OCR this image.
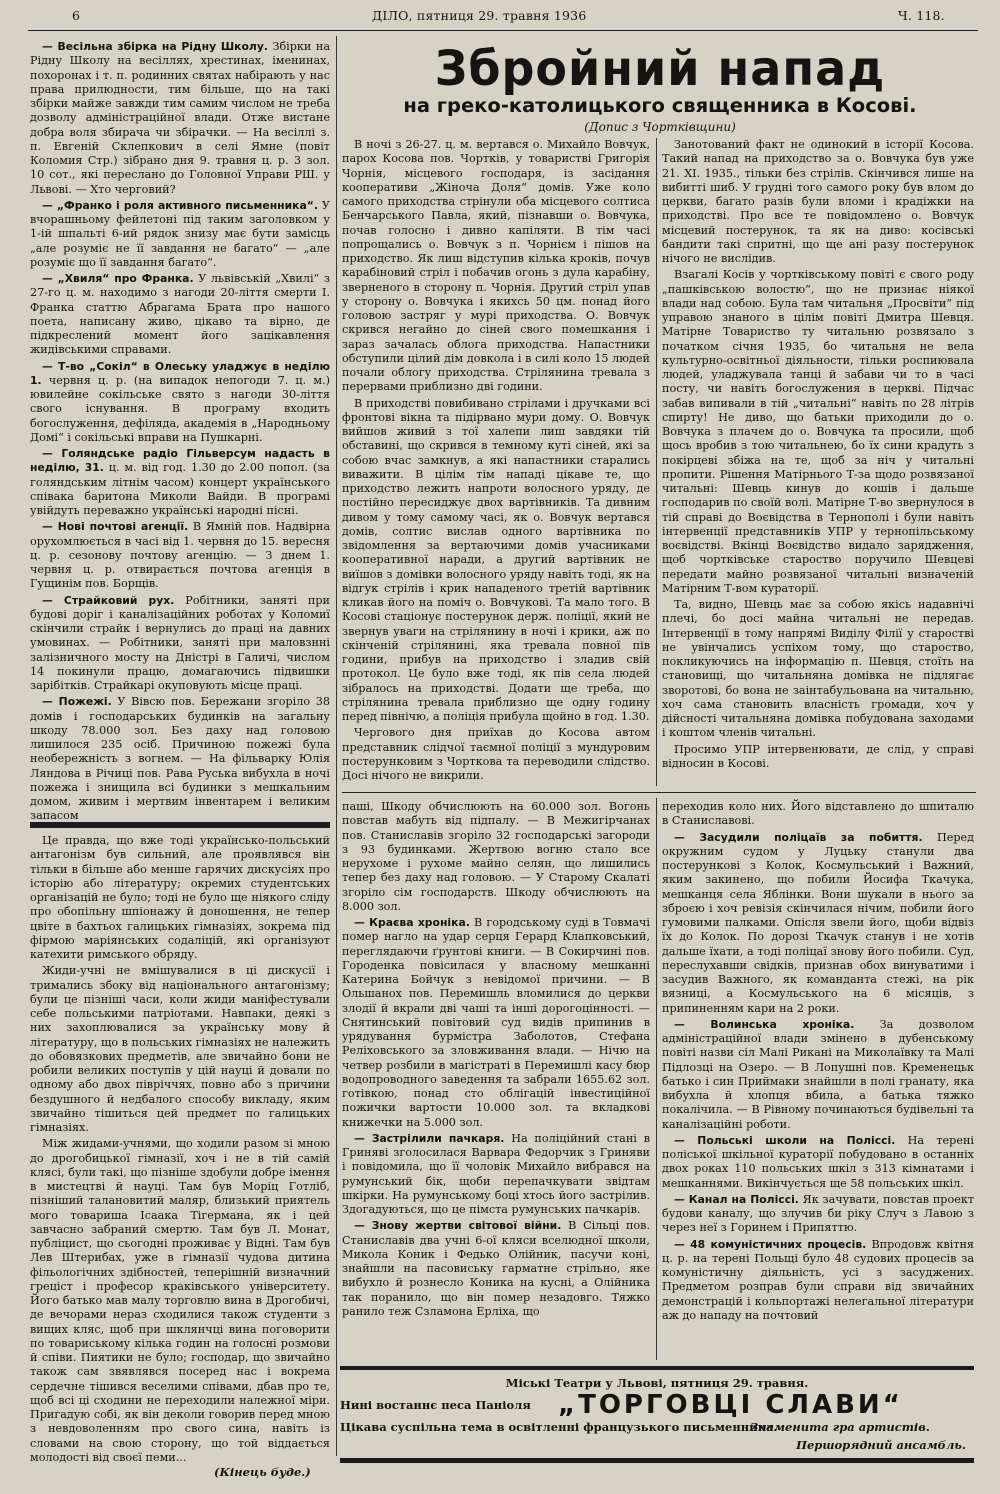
6	ДІЛО, пятниця 29. травня 1936	Ч. 118.

— Весільна збірка на Рідну Школу. Збірки на Рідну Школу на весіллях, хрестинах, іменинах, похоронах і т. п. родинних святах набірають у нас права прилюдности, тим більше, що на такі збірки майже завжди тим самим числом не треба дозволу адміністраційної влади. Отже вистане добра воля збирача чи збірачки. — На весіллі з. п. Евгеній Склепкович в селі Ямне (повіт Коломия Стр.) зібрано дня 9. травня ц. р. 3 зол. 10 сот., які переслано до Головної Управи РШ. у Львові. — Хто черговий?

— „Франко і роля активного письменника“. У вчорашньому фейлетоні під таким заголовком у 1-ій шпальті 6-ий рядок знизу має бути замісць „але розуміє не її завдання не багато“ — „але розуміє що її завдання багато“.

— „Хвиля“ про Франка. У львівській „Хвилі“ з 27-го ц. м. находимо з нагоди 20-ліття смерти І. Франка статтю Абрагама Брата про нашого поета, написану живо, цікаво та вірно, де підкреслений момент його зацікавлення жидівськими справами.

— Т-во „Сокіл“ в Олеську уладжує в неділю 1. червня ц. р. (на випадок непогоди 7. ц. м.) ювилейне сокільське свято з нагоди 30-ліття свого існування. В програму входить богослуження, дефіляда, академія в „Народньому Домі“ і сокільські вправи на Пушкарні.

— Голяндське радіо Гільверсум надасть в неділю, 31. ц. м. від год. 1.30 до 2.00 попол. (за голяндським літнім часом) концерт українського співака баритона Миколи Вайди. В програмі увійдуть переважно українські народні пісні.

— Нові почтові агенції. В Ямній пов. Надвірна орухомлюється в часі від 1. червня до 15. вересня ц. р. сезонову почтову агенцію. — З днем 1. червня ц. р. отвирається почтова агенція в Гущинім пов. Борщів.

— Страйковий рух. Робітники, заняті при будові доріг і каналізаційних роботах у Коломиї скінчили страйк і вернулись до праці на давних умовинах. — Робітники, заняті при маловзнні залізничного мосту на Дністрі в Галичі, числом 14 покинули працю, домагаючись підвишки зарібітків. Страйкарі окуповують місце праці.

— Пожежі. У Вівсю пов. Бережани згоріло 38 домів і господарських будинків на загальну шкоду 78.000 зол. Без даху над головою лишилося 235 осіб. Причиною пожежі була необережність з вогнем. — На фільварку Юлія Ляндова в Річиці пов. Рава Руська вибухла в ночі пожежа і знищила всі будинки з мешкальним домом, живим і мертвим інвентарем і великим запасом

Збройний напад
на греко-католицького священника в Косові.
(Допис з Чортківщини)

В ночі з 26-27. ц. м. вертався о. Михайло Вовчук, парох Косова пов. Чортків, у товаристві Григорія Чорнія, місцевого господаря, із засідання кооперативи „Жіноча Доля“ домів. Уже коло самого приходства стрінули оба місцевого солтиса Бенчарського Павла, який, пізнавши о. Вовчука, почав голосно і дивно капіляти. В тім часі попрощались о. Вовчук з п. Чорнієм і пішов на приходство. Як лиш відступив кілька кроків, почув карабіновий стріл і побачив огонь з дула карабіну, зверненого в сторону п. Чорнія. Другий стріл упав у сторону о. Вовчука і якихсь 50 цм. понад його головою застряг у мурі приходства. О. Вовчук скрився негайно до сіней свого помешкання і зараз зачалась облога приходства. Напастники обступили цілий дім довкола і в силі коло 15 людей почали облогу приходства. Стрілянина тревала з перервами приблизно дві години.

В приходстві повибивано стрілами і дручками всі фронтові вікна та підірвано мури дому. О. Вовчук вийшов живий з тої халепи лиш завдяки тій обставині, що скрився в темному куті сіней, які за собою вчас замкнув, а які напастники старались виважити. В цілім тім нападі цікаве те, що приходство лежить напроти волосного уряду, де постійно пересиджує двох вартівників. Та дивним дивом у тому самому часі, як о. Вовчук вертався домів, солтис вислав одного вартівника по звідомлення за вертаючими домів учасниками кооперативної наради, а другий вартівник не виїшов з домівки волосного уряду навіть тоді, як на відгук стрілів і крик нападеного третій вартівник кликав його на поміч о. Вовчукові. Та мало того. В Косові стаціонує постерунок держ. поліції, який не звернув уваги на стрілянину в ночі і крики, аж по скінченій стрілянині, яка тревала повної пів години, прибув на приходство і зладив свій протокол. Це було вже тоді, як пів села людей зібралось на приходстві. Додати ще треба, що стрілянина тревала приблизно ще одну годину перед північю, а поліція прибула щойно в год. 1.30.

Чергового дня приїхав до Косова автом представник слідчої таємної поліції з мундуровим постерунковим з Чорткова та переводили слідство. Досі нічого не викрили.

Занотований факт не одинокий в історії Косова. Такий напад на приходство за о. Вовчука був уже 21. XI. 1935., тільки без стрілів. Скінчився лише на вибитті шиб. У грудні того самого року був влом до церкви, багато разів були вломи і крадіжки на приходстві. Про все те повідомлено о. Вовчук місцевий постерунок, та як на диво: косівські бандити такі спритні, що ще ані разу постерунок нічого не вислідив.

Взагалі Косів у чортківському повіті є свого роду „пашківською волостю“, що не признає ніякої влади над собою. Була там читальня „Просвіти“ під управою знаного в цілім повіті Дмитра Шевця. Матірне Товариство ту читальню розвязало з початком січня 1935, бо читальня не вела культурно-освітньої діяльности, тільки роспиювала людей, уладжувала танці й забави чи то в часі посту, чи навіть богослужения в церкві. Підчас забав випивали в тій „читальні“ навіть по 28 літрів спирту! Не диво, що батьки приходили до о. Вовчука з плачем до о. Вовчука та просили, щоб щось вробив з тою читальнею, бо їх сини крадуть з покірцеві збіжа на те, щоб за ніч у читальні пропити. Рішення Матірнього Т-за щодо розвязаної читальні: Шевць кинув до кошів і дальше господарив по своїй волі. Матірне Т-во звернулося в тій справі до Воєвідства в Тернополі і були навіть інтервенції представників УПР у тернопільському воєвідстві. Вкінці Воєвідство видало зарядження, щоб чортківське староство поручило Шевцеві передати майно розвязаної читальні визначеній Матірним Т-вом кураторії.

Та, видно, Шевць має за собою якісь надавнічі плечі, бо досі майна читальні не передав. Інтервенції в тому напрямі Виділу Філії у старостві не увінчались успіхом тому, що староство, покликуючись на інформацію п. Шевця, стоїть на становищі, що читальняна домівка не підлягає зворотові, бо вона не заінтабульована на читальню, хоч сама становить власність громади, хоч у дійсності читальняна домівка побудована заходами і коштом членів читальні.

Просимо УПР інтервенювати, де слід, у справі відносин в Косові.

Це правда, що вже тоді українсько-польський антагонізм був сильний, але проявлявся він тільки в більше або менше гарячих дискусіях про історію або літературу; окремих студентських організацій не було; тоді не було ще ніякого сліду про обопільну шпіонажу й доношення, не тепер цвіте в бахтьох галицьких гімназіях, зокрема під фірмою маріянських содаліцій, які організуют катехити римського обряду.

Жиди-учні не вмішувалися в ці дискусії і тримались збоку від національного антагонізму; були це пізніші часи, коли жиди маніфестували себе польськими патріотами. Навпаки, деякі з них захоплювалися за українську мову й літературу, що в польських гімназіях не належить до обовязкових предметів, але звичайно бони не робили великих поступів у цій науці й довали по одному або двох півріччях, повно або з причини бездушного й недбалого способу викладу, яким звичайно тішиться цей предмет по галицьких гімназіях.

Між жидами-учнями, що ходили разом зі мною до дрогобицької гімназії, хоч і не в тій самій клясі, були такі, що пізніше здобули добре імення в мистецтві й науці. Там був Моріц Готліб, пізніший талановитий маляр, близький приятель мого товариша Ісаака Тігермана, як і цей завчасно забраний смертю. Там був Л. Монат, публіцист, що сьогодні проживає у Відні. Там був Лев Штерибах, уже в гімназії чудова дитина фільологічних здібностей, теперішній визначний греціст і професор краківського університету. Його батько мав малу торговлю вина в Дрогобичі, де вечорами нераз сходилися також студенти з вищих кляс, щоб при шклянчці вина поговорити по товариському кілька годин на голосні розмови й співи. Пиятики не було; господар, що звичайно також сам звявлявся посеред нас і вокрема сердечне тішився веселими співами, дбав про те, щоб всі ці сходини не переходили належної міри. Пригадую собі, як він деколи говорив перед мною з невдоволенням про свого сина, навіть із словами на свою сторону, що той віддається молодості від своєї пеми...

(Кінець буде.)

паші, Шкоду обчислюють на 60.000 зол. Вогонь повстав мабуть від підпалу. — В Межигірчанах пов. Станиславів згоріло 32 господарські загороди з 93 будинками. Жертвою вогню стало все нерухоме і рухоме майно селян, що лишились тепер без даху над головою. — У Старому Скалаті згоріло сім господарств. Шкоду обчислюють на 8.000 зол.

— Краєва хроніка. В городському суді в Товмачі помер нагло на удар серця Герард Клапковський, переглядаючи ґрунтові книги. — В Сокирчині пов. Городенка повісилася у власному мешканні Катерина Бойчук з невідомої причини. — В Ольшанох пов. Перемишль вломилися до церкви злодії й вкрали дві чаші та інші дорогоцінності. — Снятинський повітовий суд видів припинив в урядування бурмістра Заболотов, Стефана Реліховського за зловживання влади. — Нічю на четвер розбили в магістраті в Перемишлі касу бюр водопроводного заведення та забрали 1655.62 зол. готівкою, понад сто облігацій інвестиційної пожички вартости 10.000 зол. та вкладкові книжечки на 5.000 зол.

— Застрілили пачкаря. На поліційний стані в Гриняві зголосилася Варвара Федорчик з Гриняви і повідомила, що її чоловік Михайло вибрався на румунський бік, щоби перепачкувати звідтам шкірки. На румунському боці хтось його застрілив. Здогадуються, що це пімста румунських пачкарів.

— Знову жертви світової війни. В Сільці пов. Станиславів два учні 6-ої кляси вселюдної школи, Микола Коник і Федько Олійник, пасучи коні, знайшли на пасовиську гарматне стрільно, яке вибухло й рознесло Коника на кусні, а Олійника так поранило, що він помер незадовго. Тяжко ранило теж Сзламона Ерліха, що

переходив коло них. Його відставлено до шпиталю в Станиславові.

— Засудили поліцаїв за побиття. Перед окружним судом у Луцьку станули два постерункові з Колок, Космульський і Важний, яким закинено, що побили Йосифа Ткачука, мешканця села Яблінки. Вони шукали в нього за зброєю і хоч ревізія скінчилася нічим, побили його гумовими палками. Опісля звели його, щоби відвіз їх до Колок. По дорозі Ткачук станув і не хотів дальше їхати, а тоді поліцаї знову його побили. Суд, переслухавши свідків, признав обох винуватими і засудив Важного, як команданта стежі, на рік вязниці, а Космульського на 6 місяців, з припиненням кари на 2 роки.

— Волинська хроніка. За дозволом адміністраційної влади змінено в дубенському повіті назви сіл Малі Рикані на Миколаївку та Малі Підлозці на Озеро. — В Лопушні пов. Кременецьк батько і син Приймаки знайшли в полі гранату, яка вибухла й хлопця вбила, а батька тяжко покалічила. — В Рівному починаються будівельні та каналізаційні роботи.

— Польські школи на Поліссі. На терені поліської шкільної кураторії побудовано в останніх двох роках 110 польських шкіл з 313 кімнатами і мешканнями. Викінчується ще 58 польських шкіл.

— Канал на Поліссі. Як зачувати, повстав проект будови каналу, що злучив би ріку Случ з Лавою з через неї з Горинем і Припяттю.

— 48 комуністичних процесів. Впродовж квітня ц. р. на терені Польщі було 48 судових процесів за комуністичну діяльність, усі з засуджених. Предметом розправ були справи від звичайних демонстрацій і кольпортажі нелегальної літератури аж до нападу на почтовий

Міські Театри у Львові, пятниця 29. травня.
Нині востаннє песа Паніоля „ТОРГОВЦІ СЛАВИ“
Цікава суспільна тема в освітленні французького письменника.
Знаменита гра артистів.
Першорядний ансамбль.
